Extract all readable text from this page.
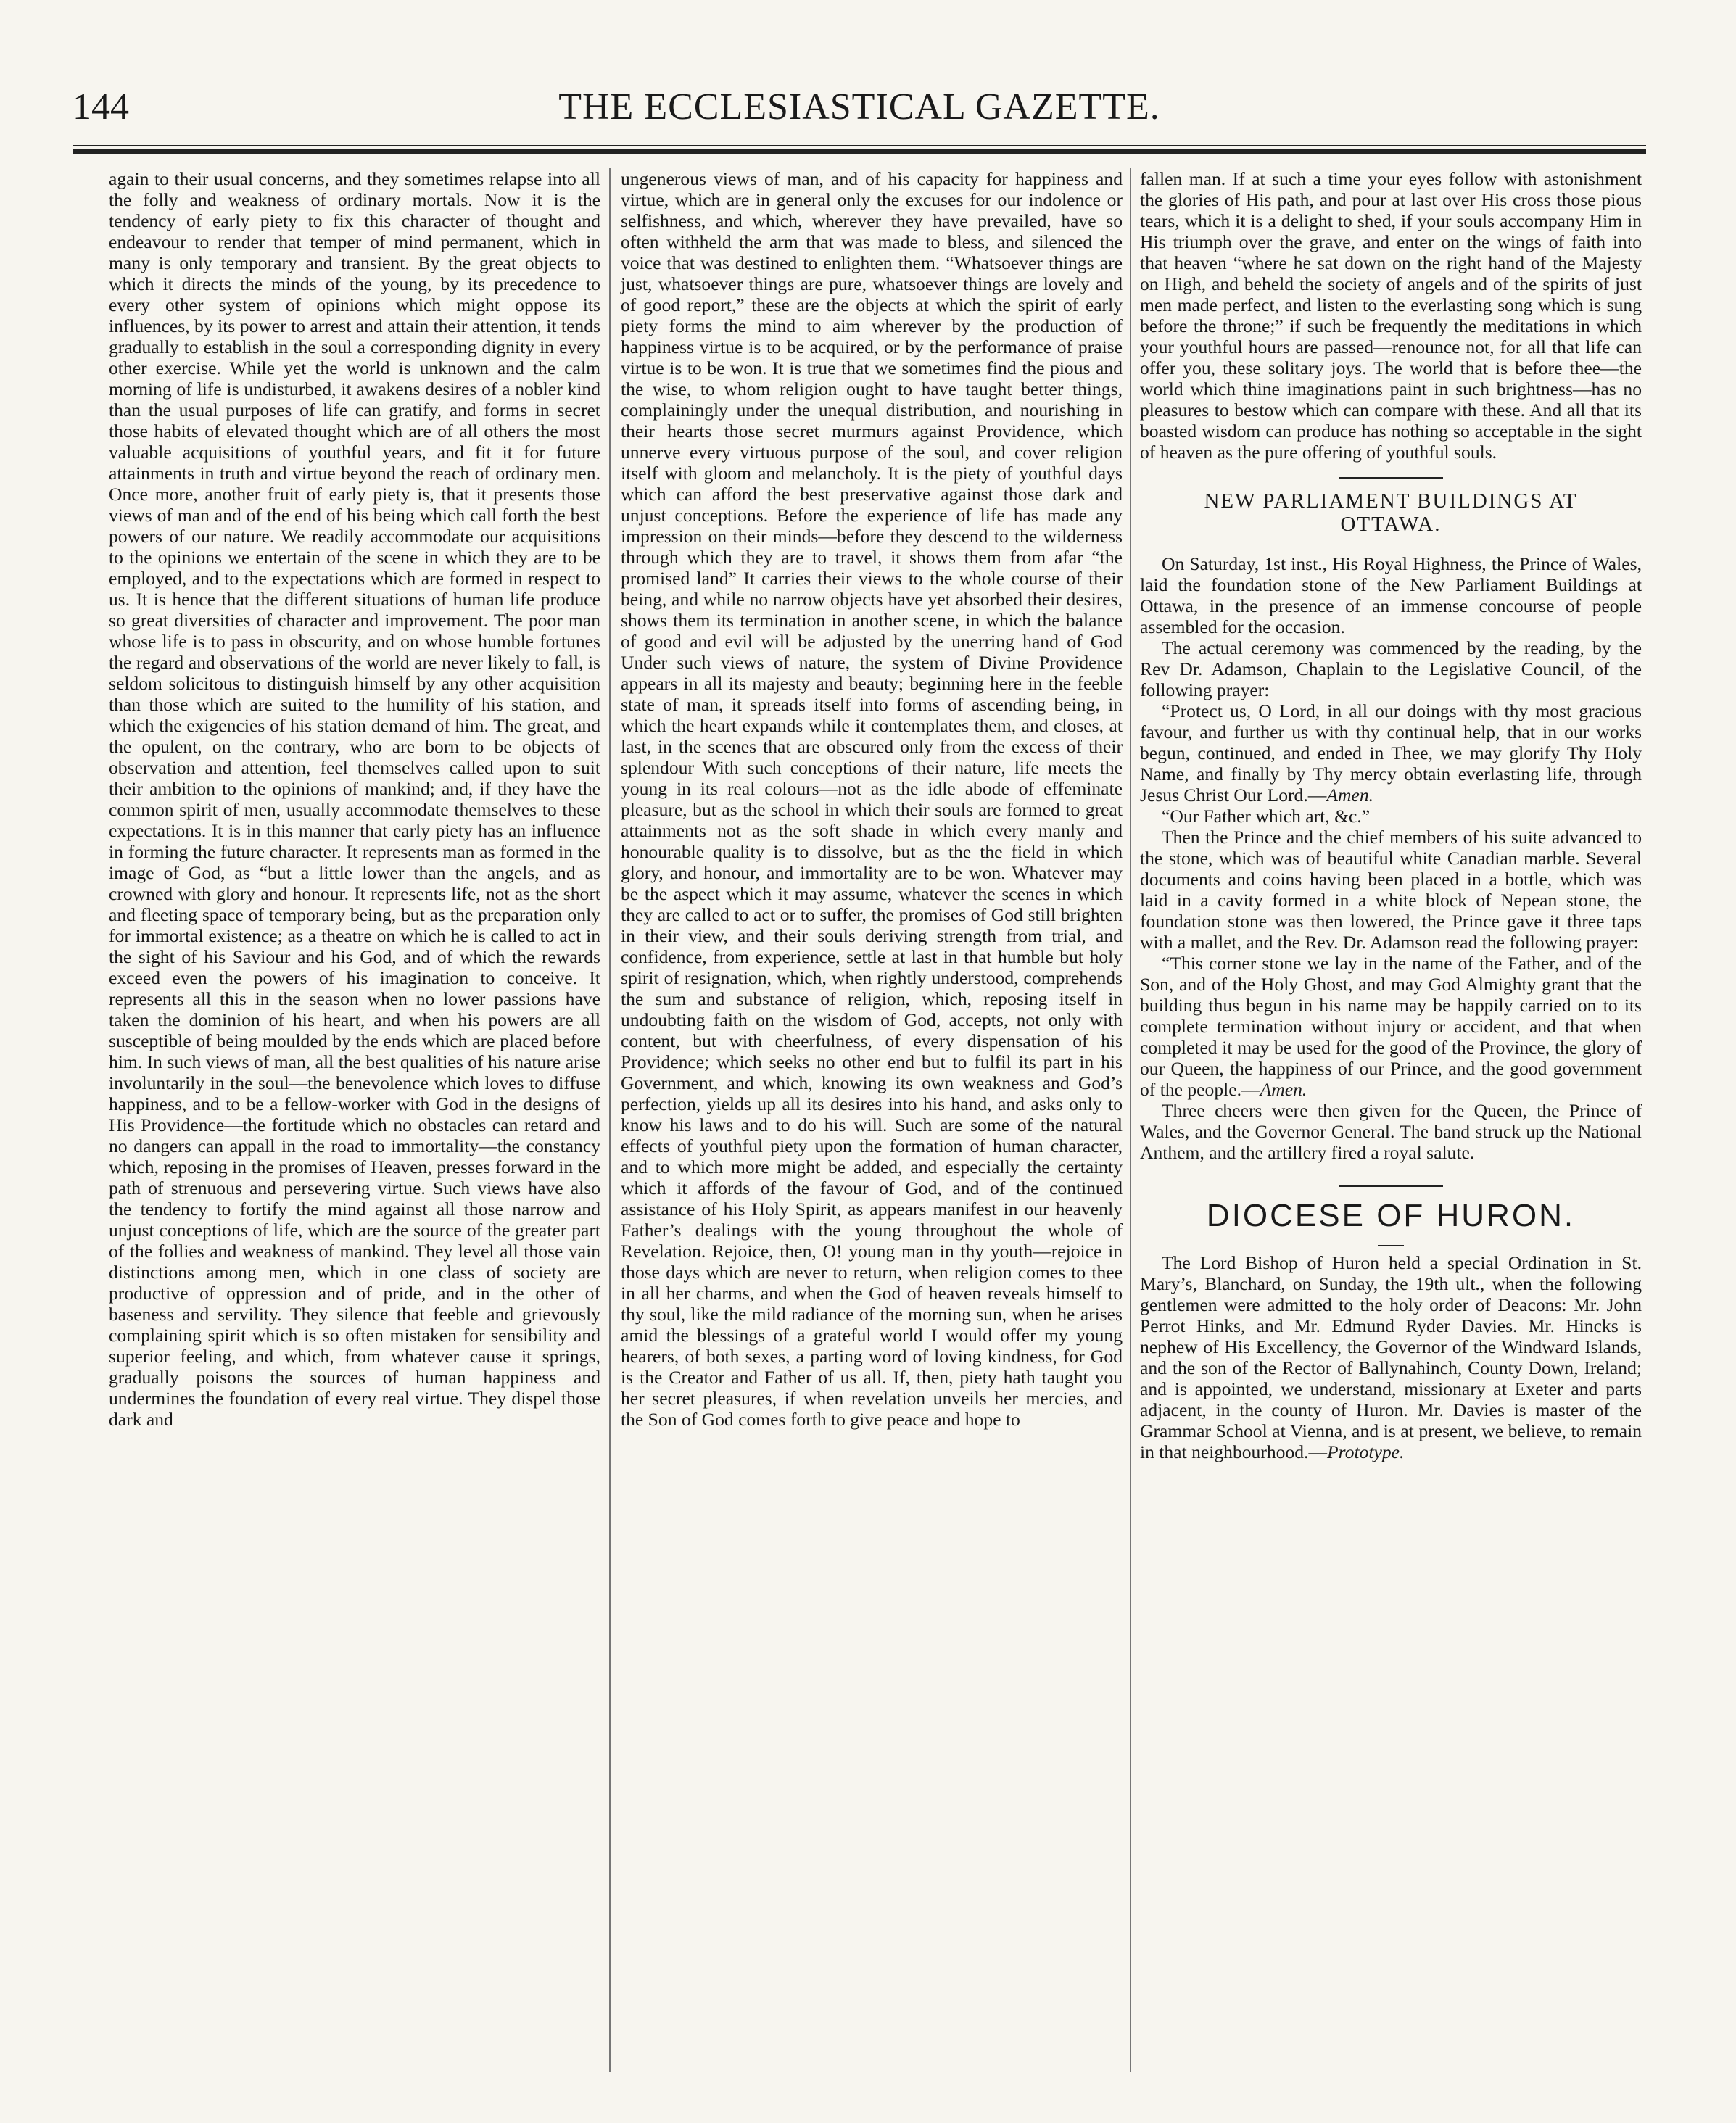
144	THE ECCLESIASTICAL GAZETTE.

again to their usual concerns, and they sometimes relapse into all the folly and weakness of ordinary mortals. Now it is the tendency of early piety to fix this character of thought and endeavour to render that temper of mind permanent, which in many is only temporary and transient. By the great objects to which it directs the minds of the young, by its precedence to every other system of opinions which might oppose its influences, by its power to arrest and attain their attention, it tends gradually to establish in the soul a corresponding dignity in every other exercise. While yet the world is unknown and the calm morning of life is undisturbed, it awakens desires of a nobler kind than the usual purposes of life can gratify, and forms in secret those habits of elevated thought which are of all others the most valuable acquisitions of youthful years, and fit it for future attainments in truth and virtue beyond the reach of ordinary men. Once more, another fruit of early piety is, that it presents those views of man and of the end of his being which call forth the best powers of our nature. We readily accommodate our acquisitions to the opinions we entertain of the scene in which they are to be employed, and to the expectations which are formed in respect to us. It is hence that the different situations of human life produce so great diversities of character and improvement. The poor man whose life is to pass in obscurity, and on whose humble fortunes the regard and observations of the world are never likely to fall, is seldom solicitous to distinguish himself by any other acquisition than those which are suited to the humility of his station, and which the exigencies of his station demand of him. The great, and the opulent, on the contrary, who are born to be objects of observation and attention, feel themselves called upon to suit their ambition to the opinions of mankind; and, if they have the common spirit of men, usually accommodate themselves to these expectations. It is in this manner that early piety has an influence in forming the future character. It represents man as formed in the image of God, as “but a little lower than the angels, and as crowned with glory and honour. It represents life, not as the short and fleeting space of temporary being, but as the preparation only for immortal existence; as a theatre on which he is called to act in the sight of his Saviour and his God, and of which the rewards exceed even the powers of his imagination to conceive. It represents all this in the season when no lower passions have taken the dominion of his heart, and when his powers are all susceptible of being moulded by the ends which are placed before him. In such views of man, all the best qualities of his nature arise involuntarily in the soul—the benevolence which loves to diffuse happiness, and to be a fellow-worker with God in the designs of His Providence—the fortitude which no obstacles can retard and no dangers can appall in the road to immortality—the constancy which, reposing in the promises of Heaven, presses forward in the path of strenuous and persevering virtue. Such views have also the tendency to fortify the mind against all those narrow and unjust conceptions of life, which are the source of the greater part of the follies and weakness of mankind. They level all those vain distinctions among men, which in one class of society are productive of oppression and of pride, and in the other of baseness and servility. They silence that feeble and grievously complaining spirit which is so often mistaken for sensibility and superior feeling, and which, from whatever cause it springs, gradually poisons the sources of human happiness and undermines the foundation of every real virtue. They dispel those dark and

ungenerous views of man, and of his capacity for happiness and virtue, which are in general only the excuses for our indolence or selfishness, and which, wherever they have prevailed, have so often withheld the arm that was made to bless, and silenced the voice that was destined to enlighten them. “Whatsoever things are just, whatsoever things are pure, whatsoever things are lovely and of good report,” these are the objects at which the spirit of early piety forms the mind to aim wherever by the production of happiness virtue is to be acquired, or by the performance of praise virtue is to be won. It is true that we sometimes find the pious and the wise, to whom religion ought to have taught better things, complainingly under the unequal distribution, and nourishing in their hearts those secret murmurs against Providence, which unnerve every virtuous purpose of the soul, and cover religion itself with gloom and melancholy. It is the piety of youthful days which can afford the best preservative against those dark and unjust conceptions. Before the experience of life has made any impression on their minds—before they descend to the wilderness through which they are to travel, it shows them from afar “the promised land” It carries their views to the whole course of their being, and while no narrow objects have yet absorbed their desires, shows them its termination in another scene, in which the balance of good and evil will be adjusted by the unerring hand of God Under such views of nature, the system of Divine Providence appears in all its majesty and beauty; beginning here in the feeble state of man, it spreads itself into forms of ascending being, in which the heart expands while it contemplates them, and closes, at last, in the scenes that are obscured only from the excess of their splendour With such conceptions of their nature, life meets the young in its real colours—not as the idle abode of effeminate pleasure, but as the school in which their souls are formed to great attainments not as the soft shade in which every manly and honourable quality is to dissolve, but as the the field in which glory, and honour, and immortality are to be won. Whatever may be the aspect which it may assume, whatever the scenes in which they are called to act or to suffer, the promises of God still brighten in their view, and their souls deriving strength from trial, and confidence, from experience, settle at last in that humble but holy spirit of resignation, which, when rightly understood, comprehends the sum and substance of religion, which, reposing itself in undoubting faith on the wisdom of God, accepts, not only with content, but with cheerfulness, of every dispensation of his Providence; which seeks no other end but to fulfil its part in his Government, and which, knowing its own weakness and God’s perfection, yields up all its desires into his hand, and asks only to know his laws and to do his will. Such are some of the natural effects of youthful piety upon the formation of human character, and to which more might be added, and especially the certainty which it affords of the favour of God, and of the continued assistance of his Holy Spirit, as appears manifest in our heavenly Father’s dealings with the young throughout the whole of Revelation. Rejoice, then, O! young man in thy youth—rejoice in those days which are never to return, when religion comes to thee in all her charms, and when the God of heaven reveals himself to thy soul, like the mild radiance of the morning sun, when he arises amid the blessings of a grateful world I would offer my young hearers, of both sexes, a parting word of loving kindness, for God is the Creator and Father of us all. If, then, piety hath taught you her secret pleasures, if when revelation unveils her mercies, and the Son of God comes forth to give peace and hope to

fallen man. If at such a time your eyes follow with astonishment the glories of His path, and pour at last over His cross those pious tears, which it is a delight to shed, if your souls accompany Him in His triumph over the grave, and enter on the wings of faith into that heaven “where he sat down on the right hand of the Majesty on High, and beheld the society of angels and of the spirits of just men made perfect, and listen to the everlasting song which is sung before the throne;” if such be frequently the meditations in which your youthful hours are passed—renounce not, for all that life can offer you, these solitary joys. The world that is before thee—the world which thine imaginations paint in such brightness—has no pleasures to bestow which can compare with these. And all that its boasted wisdom can produce has nothing so acceptable in the sight of heaven as the pure offering of youthful souls.

NEW PARLIAMENT BUILDINGS AT OTTAWA.

On Saturday, 1st inst., His Royal Highness, the Prince of Wales, laid the foundation stone of the New Parliament Buildings at Ottawa, in the presence of an immense concourse of people assembled for the occasion.

The actual ceremony was commenced by the reading, by the Rev Dr. Adamson, Chaplain to the Legislative Council, of the following prayer:

“Protect us, O Lord, in all our doings with thy most gracious favour, and further us with thy continual help, that in our works begun, continued, and ended in Thee, we may glorify Thy Holy Name, and finally by Thy mercy obtain everlasting life, through Jesus Christ Our Lord.—Amen.

“Our Father which art, &c.”

Then the Prince and the chief members of his suite advanced to the stone, which was of beautiful white Canadian marble. Several documents and coins having been placed in a bottle, which was laid in a cavity formed in a white block of Nepean stone, the foundation stone was then lowered, the Prince gave it three taps with a mallet, and the Rev. Dr. Adamson read the following prayer:

“This corner stone we lay in the name of the Father, and of the Son, and of the Holy Ghost, and may God Almighty grant that the building thus begun in his name may be happily carried on to its complete termination without injury or accident, and that when completed it may be used for the good of the Province, the glory of our Queen, the happiness of our Prince, and the good government of the people.—Amen.

Three cheers were then given for the Queen, the Prince of Wales, and the Governor General. The band struck up the National Anthem, and the artillery fired a royal salute.

DIOCESE OF HURON.

The Lord Bishop of Huron held a special Ordination in St. Mary’s, Blanchard, on Sunday, the 19th ult., when the following gentlemen were admitted to the holy order of Deacons: Mr. John Perrot Hinks, and Mr. Edmund Ryder Davies. Mr. Hincks is nephew of His Excellency, the Governor of the Windward Islands, and the son of the Rector of Ballynahinch, County Down, Ireland; and is appointed, we understand, missionary at Exeter and parts adjacent, in the county of Huron. Mr. Davies is master of the Grammar School at Vienna, and is at present, we believe, to remain in that neighbourhood.—Prototype.
